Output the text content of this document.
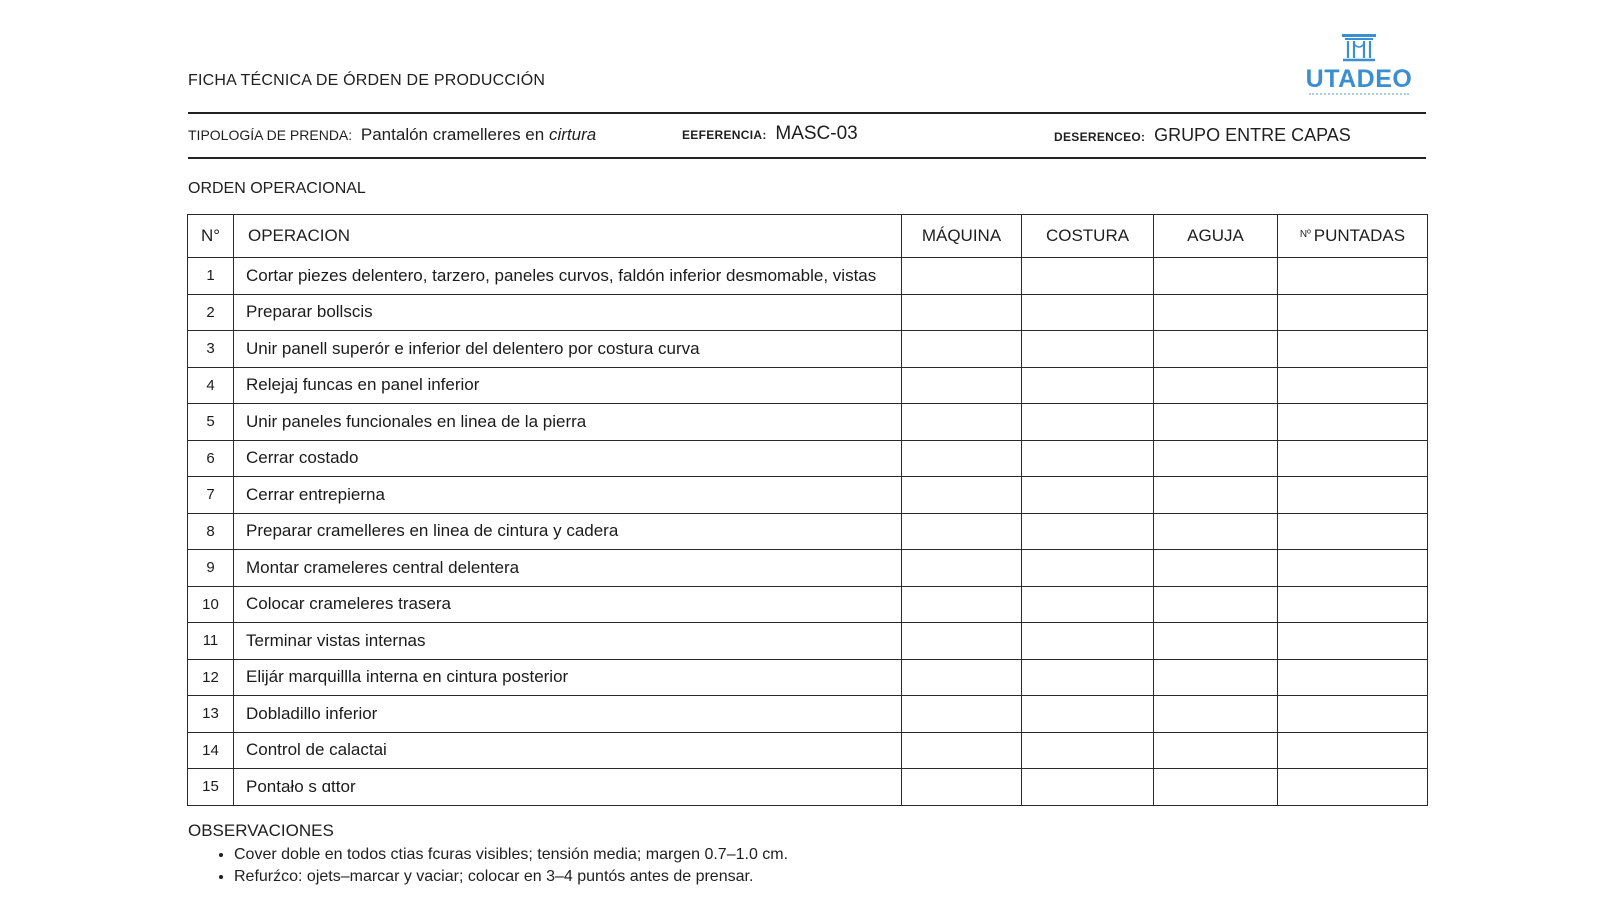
FICHA TÉCNICA DE ÓRDEN DE PRODUCCIÓN	UTADEO
TIPOLOGÍA DE PRENDA: Pantalón cramelleres en cirtura	EEFERENCIA: MASC-03	DESERENCEO: GRUPO ENTRE CAPAS
ORDEN OPERACIONAL
N°	OPERACION	MÁQUINA	COSTURA	AGUJA	$^{Nº}$ PUNTADAS
1	Cortar piezes delentero, tarzero, paneles curvos, faldón inferior desmomable, vistas				
2	Preparar bollscis				
3	Unir panell superór e inferior del delentero por costura curva				
4	Relejaj funcas en panel inferior				
5	Unir paneles funcionales en linea de la pierra				
6	Cerrar costado				
7	Cerrar entrepierna				
8	Preparar cramelleres en linea de cintura y cadera				
9	Montar crameleres central delentera				
10	Colocar crameleres trasera				
11	Terminar vistas internas				
12	Elijár marquillla interna en cintura posterior				
13	Dobladillo inferior				
14	Control de calactai				
15	Pontało ѕ ɑttor				
OBSERVACIONES
• Cover doble en todos ctias fcuras visibles; tensión media; margen 0.7–1.0 cm.
• Refurźco: ojets–marcar y vaciar; colocar en 3–4 puntós antes de prensar.
